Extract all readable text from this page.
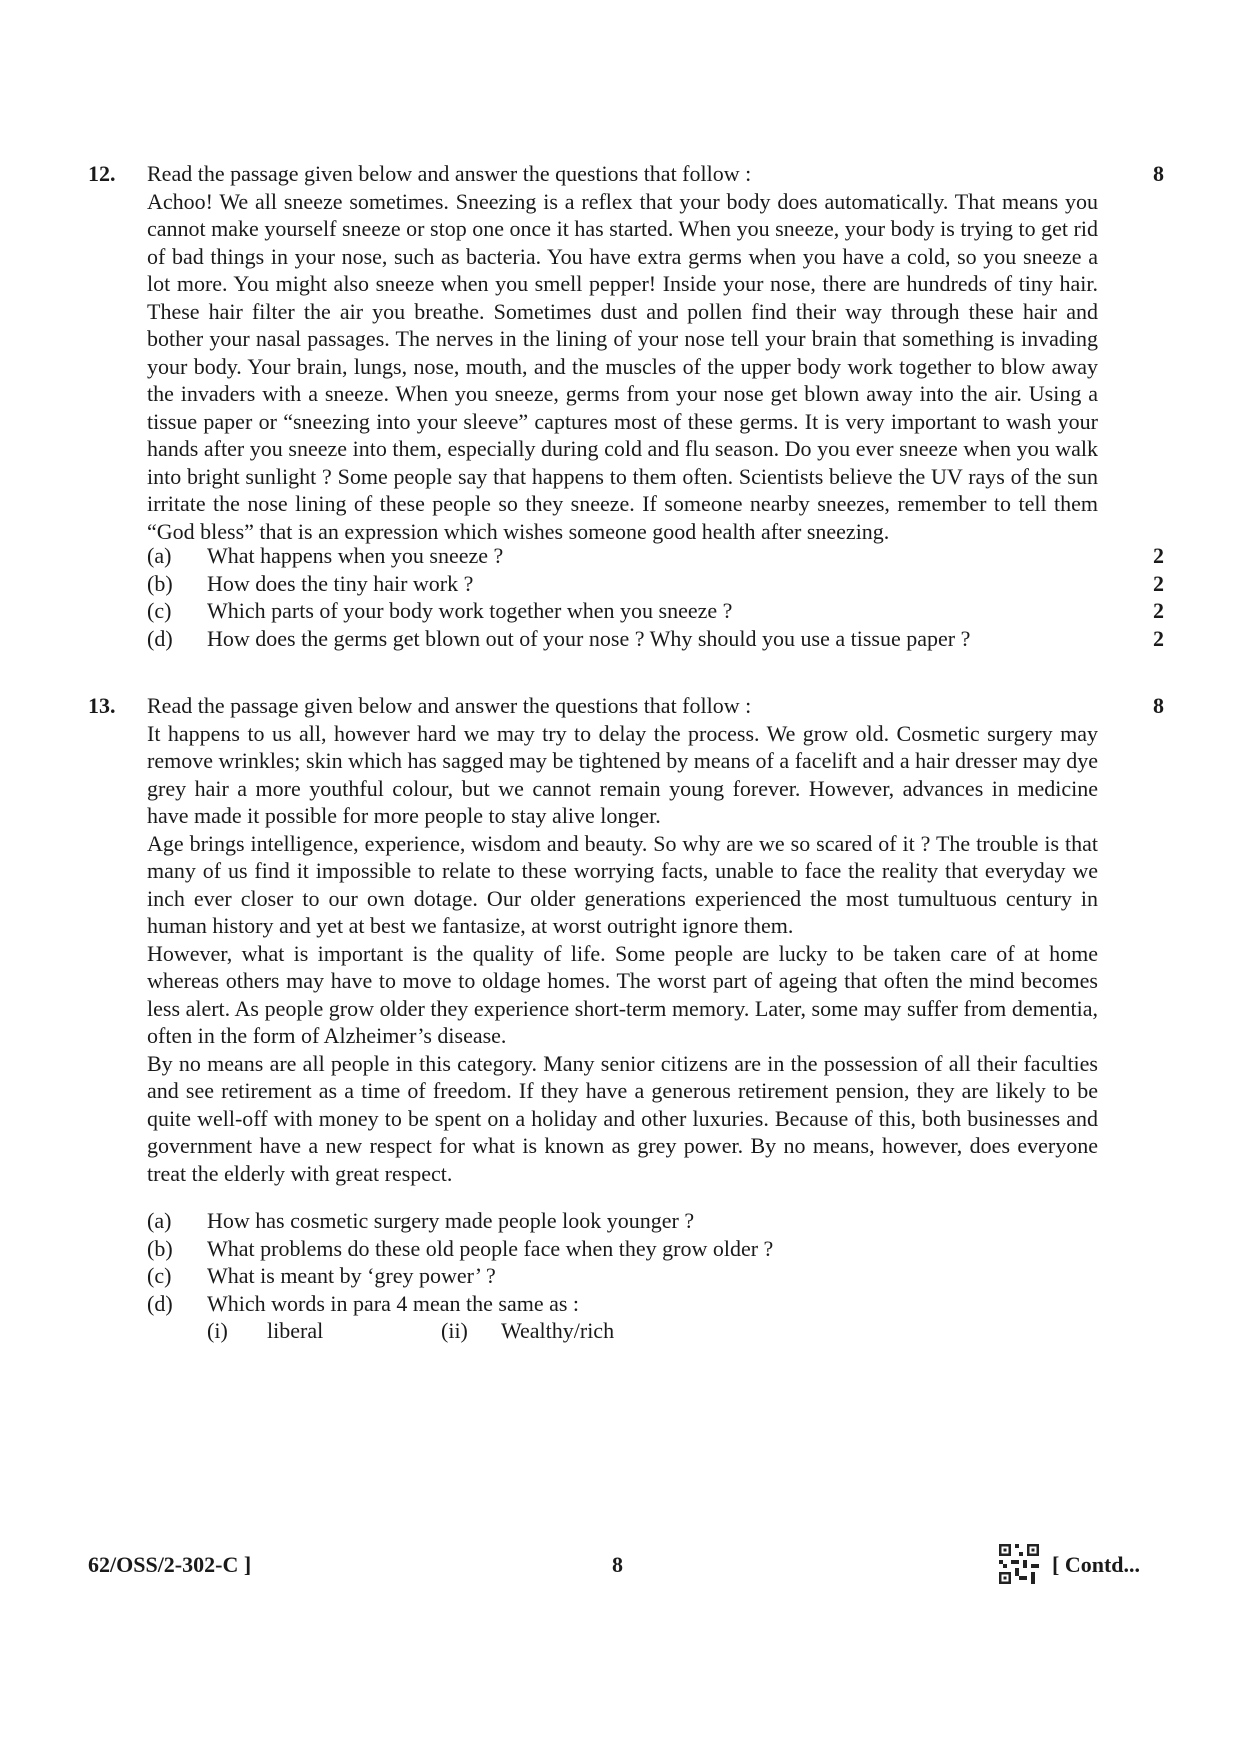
12.	8

Read the passage given below and answer the questions that follow :

Achoo! We all sneeze sometimes. Sneezing is a reflex that your body does automatically. That means you cannot make yourself sneeze or stop one once it has started. When you sneeze, your body is trying to get rid of bad things in your nose, such as bacteria. You have extra germs when you have a cold, so you sneeze a lot more. You might also sneeze when you smell pepper! Inside your nose, there are hundreds of tiny hair. These hair filter the air you breathe. Sometimes dust and pollen find their way through these hair and bother your nasal passages. The nerves in the lining of your nose tell your brain that something is invading your body. Your brain, lungs, nose, mouth, and the muscles of the upper body work together to blow away the invaders with a sneeze. When you sneeze, germs from your nose get blown away into the air. Using a tissue paper or “sneezing into your sleeve” captures most of these germs. It is very important to wash your hands after you sneeze into them, especially during cold and flu season. Do you ever sneeze when you walk into bright sunlight ? Some people say that happens to them often. Scientists believe the UV rays of the sun irritate the nose lining of these people so they sneeze. If someone nearby sneezes, remember to tell them “God bless” that is an expression which wishes someone good health after sneezing.

(a)	What happens when you sneeze ?	2
(b)	How does the tiny hair work ?	2
(c)	Which parts of your body work together when you sneeze ?	2
(d)	How does the germs get blown out of your nose ? Why should you use a tissue paper ?	2
13.	8

Read the passage given below and answer the questions that follow :

It happens to us all, however hard we may try to delay the process. We grow old. Cosmetic surgery may remove wrinkles; skin which has sagged may be tightened by means of a facelift and a hair dresser may dye grey hair a more youthful colour, but we cannot remain young forever. However, advances in medicine have made it possible for more people to stay alive longer.

Age brings intelligence, experience, wisdom and beauty. So why are we so scared of it ? The trouble is that many of us find it impossible to relate to these worrying facts, unable to face the reality that everyday we inch ever closer to our own dotage. Our older generations experienced the most tumultuous century in human history and yet at best we fantasize, at worst outright ignore them.

However, what is important is the quality of life. Some people are lucky to be taken care of at home whereas others may have to move to oldage homes. The worst part of ageing that often the mind becomes less alert. As people grow older they experience short-term memory. Later, some may suffer from dementia, often in the form of Alzheimer’s disease.

By no means are all people in this category. Many senior citizens are in the possession of all their faculties and see retirement as a time of freedom. If they have a generous retirement pension, they are likely to be quite well-off with money to be spent on a holiday and other luxuries. Because of this, both businesses and government have a new respect for what is known as grey power. By no means, however, does everyone treat the elderly with great respect.

(a)	How has cosmetic surgery made people look younger ?
(b)	What problems do these old people face when they grow older ?
(c)	What is meant by ‘grey power’ ?
(d)	Which words in para 4 mean the same as :
(i)	liberal	(ii)	Wealthy/rich
62/OSS/2-302-C ]	8	[ Contd...
